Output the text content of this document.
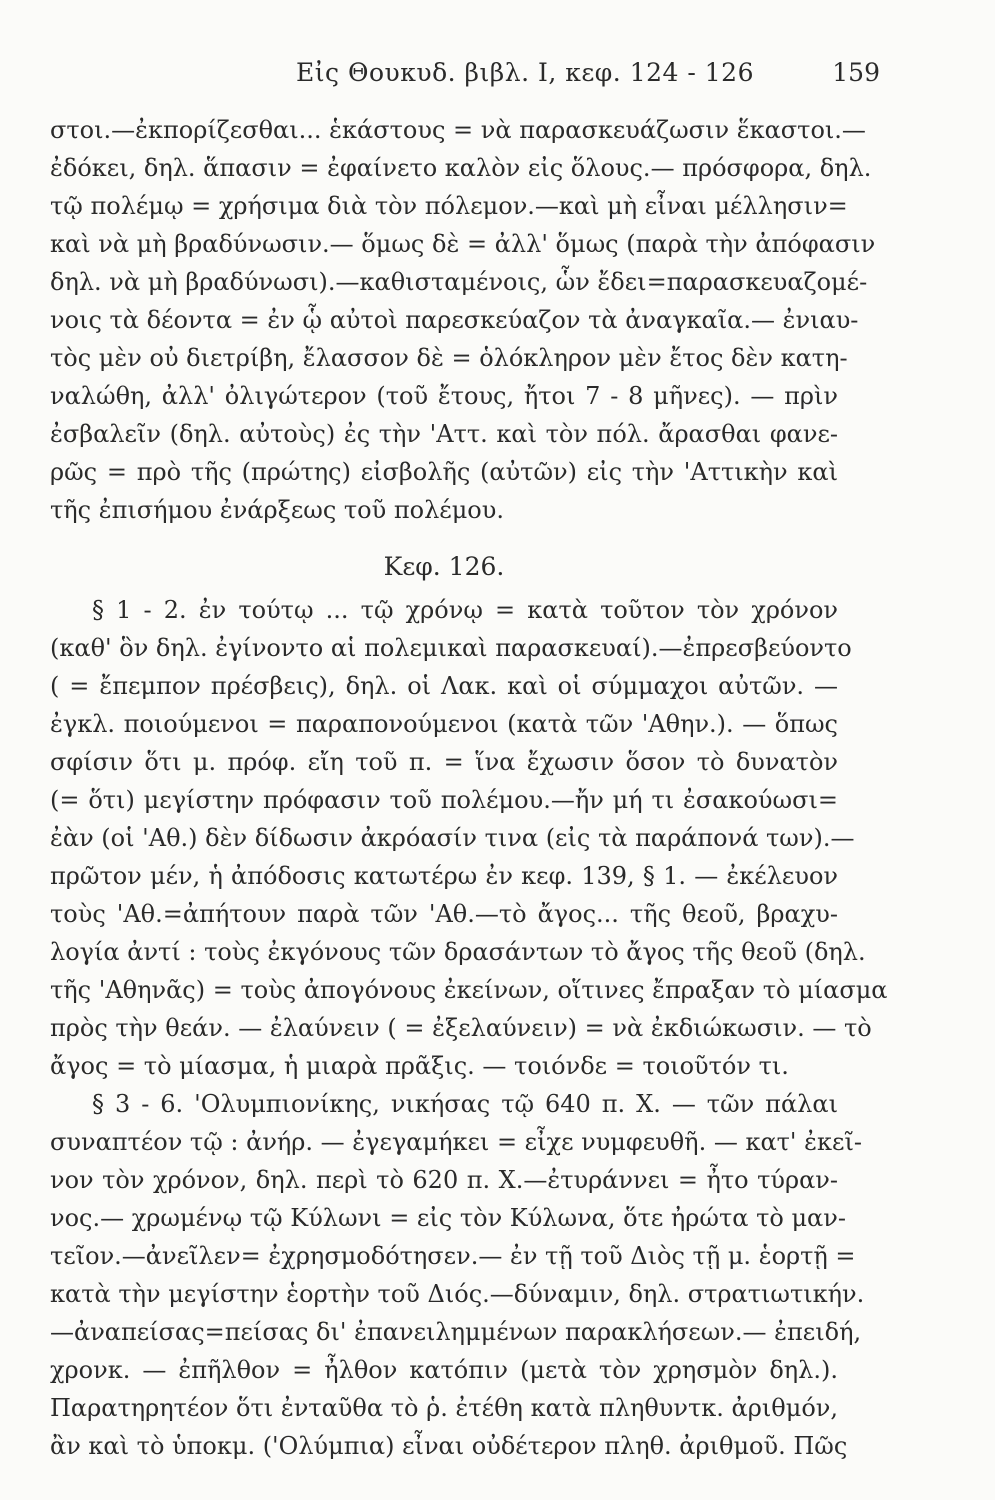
Εἰς Θουκυδ. βιβλ. Ι, κεφ. 124 - 126	159
στοι.—ἐκπορίζεσθαι... ἑκάστους = νὰ παρασκευάζωσιν ἕκαστοι.—
ἐδόκει, δηλ. ἅπασιν = ἐφαίνετο καλὸν εἰς ὅλους.— πρόσφορα, δηλ.
τῷ πολέμῳ = χρήσιμα διὰ τὸν πόλεμον.—καὶ μὴ εἶναι μέλλησιν=
καὶ νὰ μὴ βραδύνωσιν.— ὅμως δὲ = ἀλλ' ὅμως (παρὰ τὴν ἀπόφασιν
δηλ. νὰ μὴ βραδύνωσι).—καθισταμένοις, ὧν ἔδει=παρασκευαζομέ-
νοις τὰ δέοντα = ἐν ᾧ αὐτοὶ παρεσκεύαζον τὰ ἀναγκαῖα.— ἐνιαυ-
τὸς μὲν οὐ διετρίβη, ἔλασσον δὲ = ὁλόκληρον μὲν ἔτος δὲν κατη-
ναλώθη, ἀλλ' ὀλιγώτερον (τοῦ ἔτους, ἤτοι 7 - 8 μῆνες). — πρὶν
ἐσβαλεῖν (δηλ. αὐτοὺς) ἐς τὴν 'Αττ. καὶ τὸν πόλ. ἄρασθαι φανε-
ρῶς = πρὸ τῆς (πρώτης) εἰσβολῆς (αὐτῶν) εἰς τὴν 'Αττικὴν καὶ
τῆς ἐπισήμου ἐνάρξεως τοῦ πολέμου.
Κεφ. 126.
§ 1 - 2. ἐν τούτῳ ... τῷ χρόνῳ = κατὰ τοῦτον τὸν χρόνον
(καθ' ὃν δηλ. ἐγίνοντο αἱ πολεμικαὶ παρασκευαί).—ἐπρεσβεύοντο
( = ἔπεμπον πρέσβεις), δηλ. οἱ Λακ. καὶ οἱ σύμμαχοι αὐτῶν. —
ἐγκλ. ποιούμενοι = παραπονούμενοι (κατὰ τῶν 'Αθην.). — ὅπως
σφίσιν ὅτι μ. πρόφ. εἴη τοῦ π. = ἵνα ἔχωσιν ὅσον τὸ δυνατὸν
(= ὅτι) μεγίστην πρόφασιν τοῦ πολέμου.—ἤν μή τι ἐσακούωσι=
ἐὰν (οἱ 'Αθ.) δὲν δίδωσιν ἀκρόασίν τινα (εἰς τὰ παράπονά των).—
πρῶτον μέν, ἡ ἀπόδοσις κατωτέρω ἐν κεφ. 139, § 1. — ἐκέλευον
τοὺς 'Αθ.=ἀπήτουν παρὰ τῶν 'Αθ.—τὸ ἄγος... τῆς θεοῦ, βραχυ-
λογία ἀντί : τοὺς ἐκγόνους τῶν δρασάντων τὸ ἄγος τῆς θεοῦ (δηλ.
τῆς 'Αθηνᾶς) = τοὺς ἀπογόνους ἐκείνων, οἵτινες ἔπραξαν τὸ μίασμα
πρὸς τὴν θεάν. — ἐλαύνειν ( = ἐξελαύνειν) = νὰ ἐκδιώκωσιν. — τὸ
ἄγος = τὸ μίασμα, ἡ μιαρὰ πρᾶξις. — τοιόνδε = τοιοῦτόν τι.
§ 3 - 6. 'Ολυμπιονίκης, νικήσας τῷ 640 π. Χ. — τῶν πάλαι
συναπτέον τῷ : ἀνήρ. — ἐγεγαμήκει = εἶχε νυμφευθῆ. — κατ' ἐκεῖ-
νον τὸν χρόνον, δηλ. περὶ τὸ 620 π. Χ.—ἐτυράννει = ἦτο τύραν-
νος.— χρωμένῳ τῷ Κύλωνι = εἰς τὸν Κύλωνα, ὅτε ἠρώτα τὸ μαν-
τεῖον.—ἀνεῖλεν= ἐχρησμοδότησεν.— ἐν τῇ τοῦ Διὸς τῇ μ. ἑορτῇ =
κατὰ τὴν μεγίστην ἑορτὴν τοῦ Διός.—δύναμιν, δηλ. στρατιωτικήν.
—ἀναπείσας=πείσας δι' ἐπανειλημμένων παρακλήσεων.— ἐπειδή,
χρονκ. — ἐπῆλθον = ἦλθον κατόπιν (μετὰ τὸν χρησμὸν δηλ.).
Παρατηρητέον ὅτι ἐνταῦθα τὸ ῥ. ἐτέθη κατὰ πληθυντκ. ἀριθμόν,
ἂν καὶ τὸ ὑποκμ. ('Ολύμπια) εἶναι οὐδέτερον πληθ. ἀριθμοῦ. Πῶς
